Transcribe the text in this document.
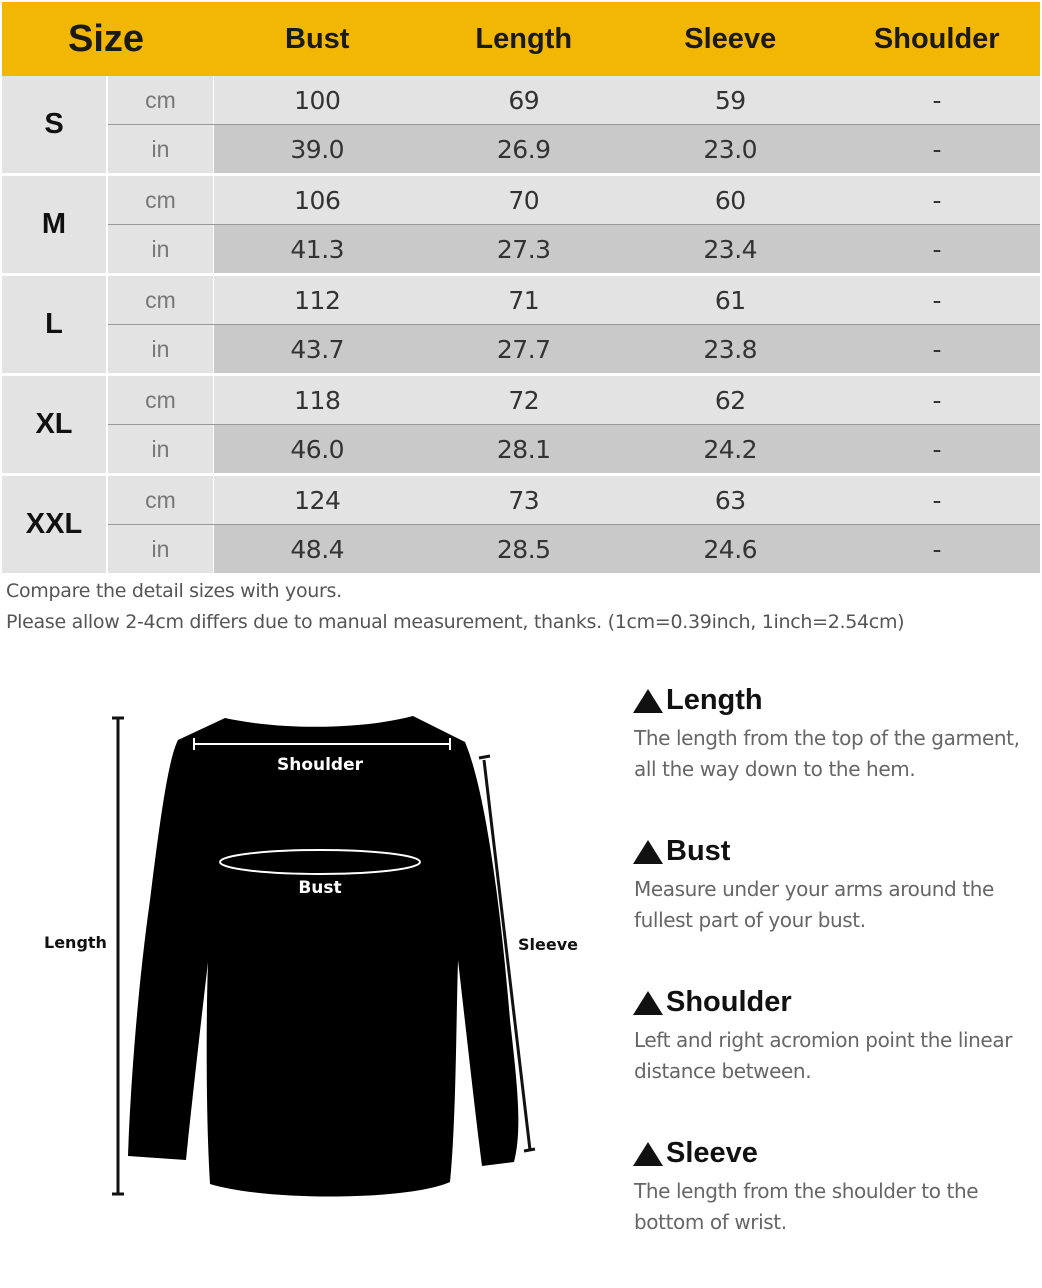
Size	Bust	Length	Sleeve	Shoulder
S
cm	100	69	59	-
in	39.0	26.9	23.0	-
M
cm	106	70	60	-
in	41.3	27.3	23.4	-
L
cm	112	71	61	-
in	43.7	27.7	23.8	-
XL
cm	118	72	62	-
in	46.0	28.1	24.2	-
XXL
cm	124	73	63	-
in	48.4	28.5	24.6	-
Compare the detail sizes with yours.
Please allow 2-4cm differs due to manual measurement, thanks. (1cm=0.39inch, 1inch=2.54cm)
Length	Sleeve
Shoulder
Bust
Length

The length from the top of the garment,
all the way down to the hem.

Bust

Measure under your arms around the
fullest part of your bust.

Shoulder

Left and right acromion point the linear
distance between.

Sleeve

The length from the shoulder to the
bottom of wrist.
